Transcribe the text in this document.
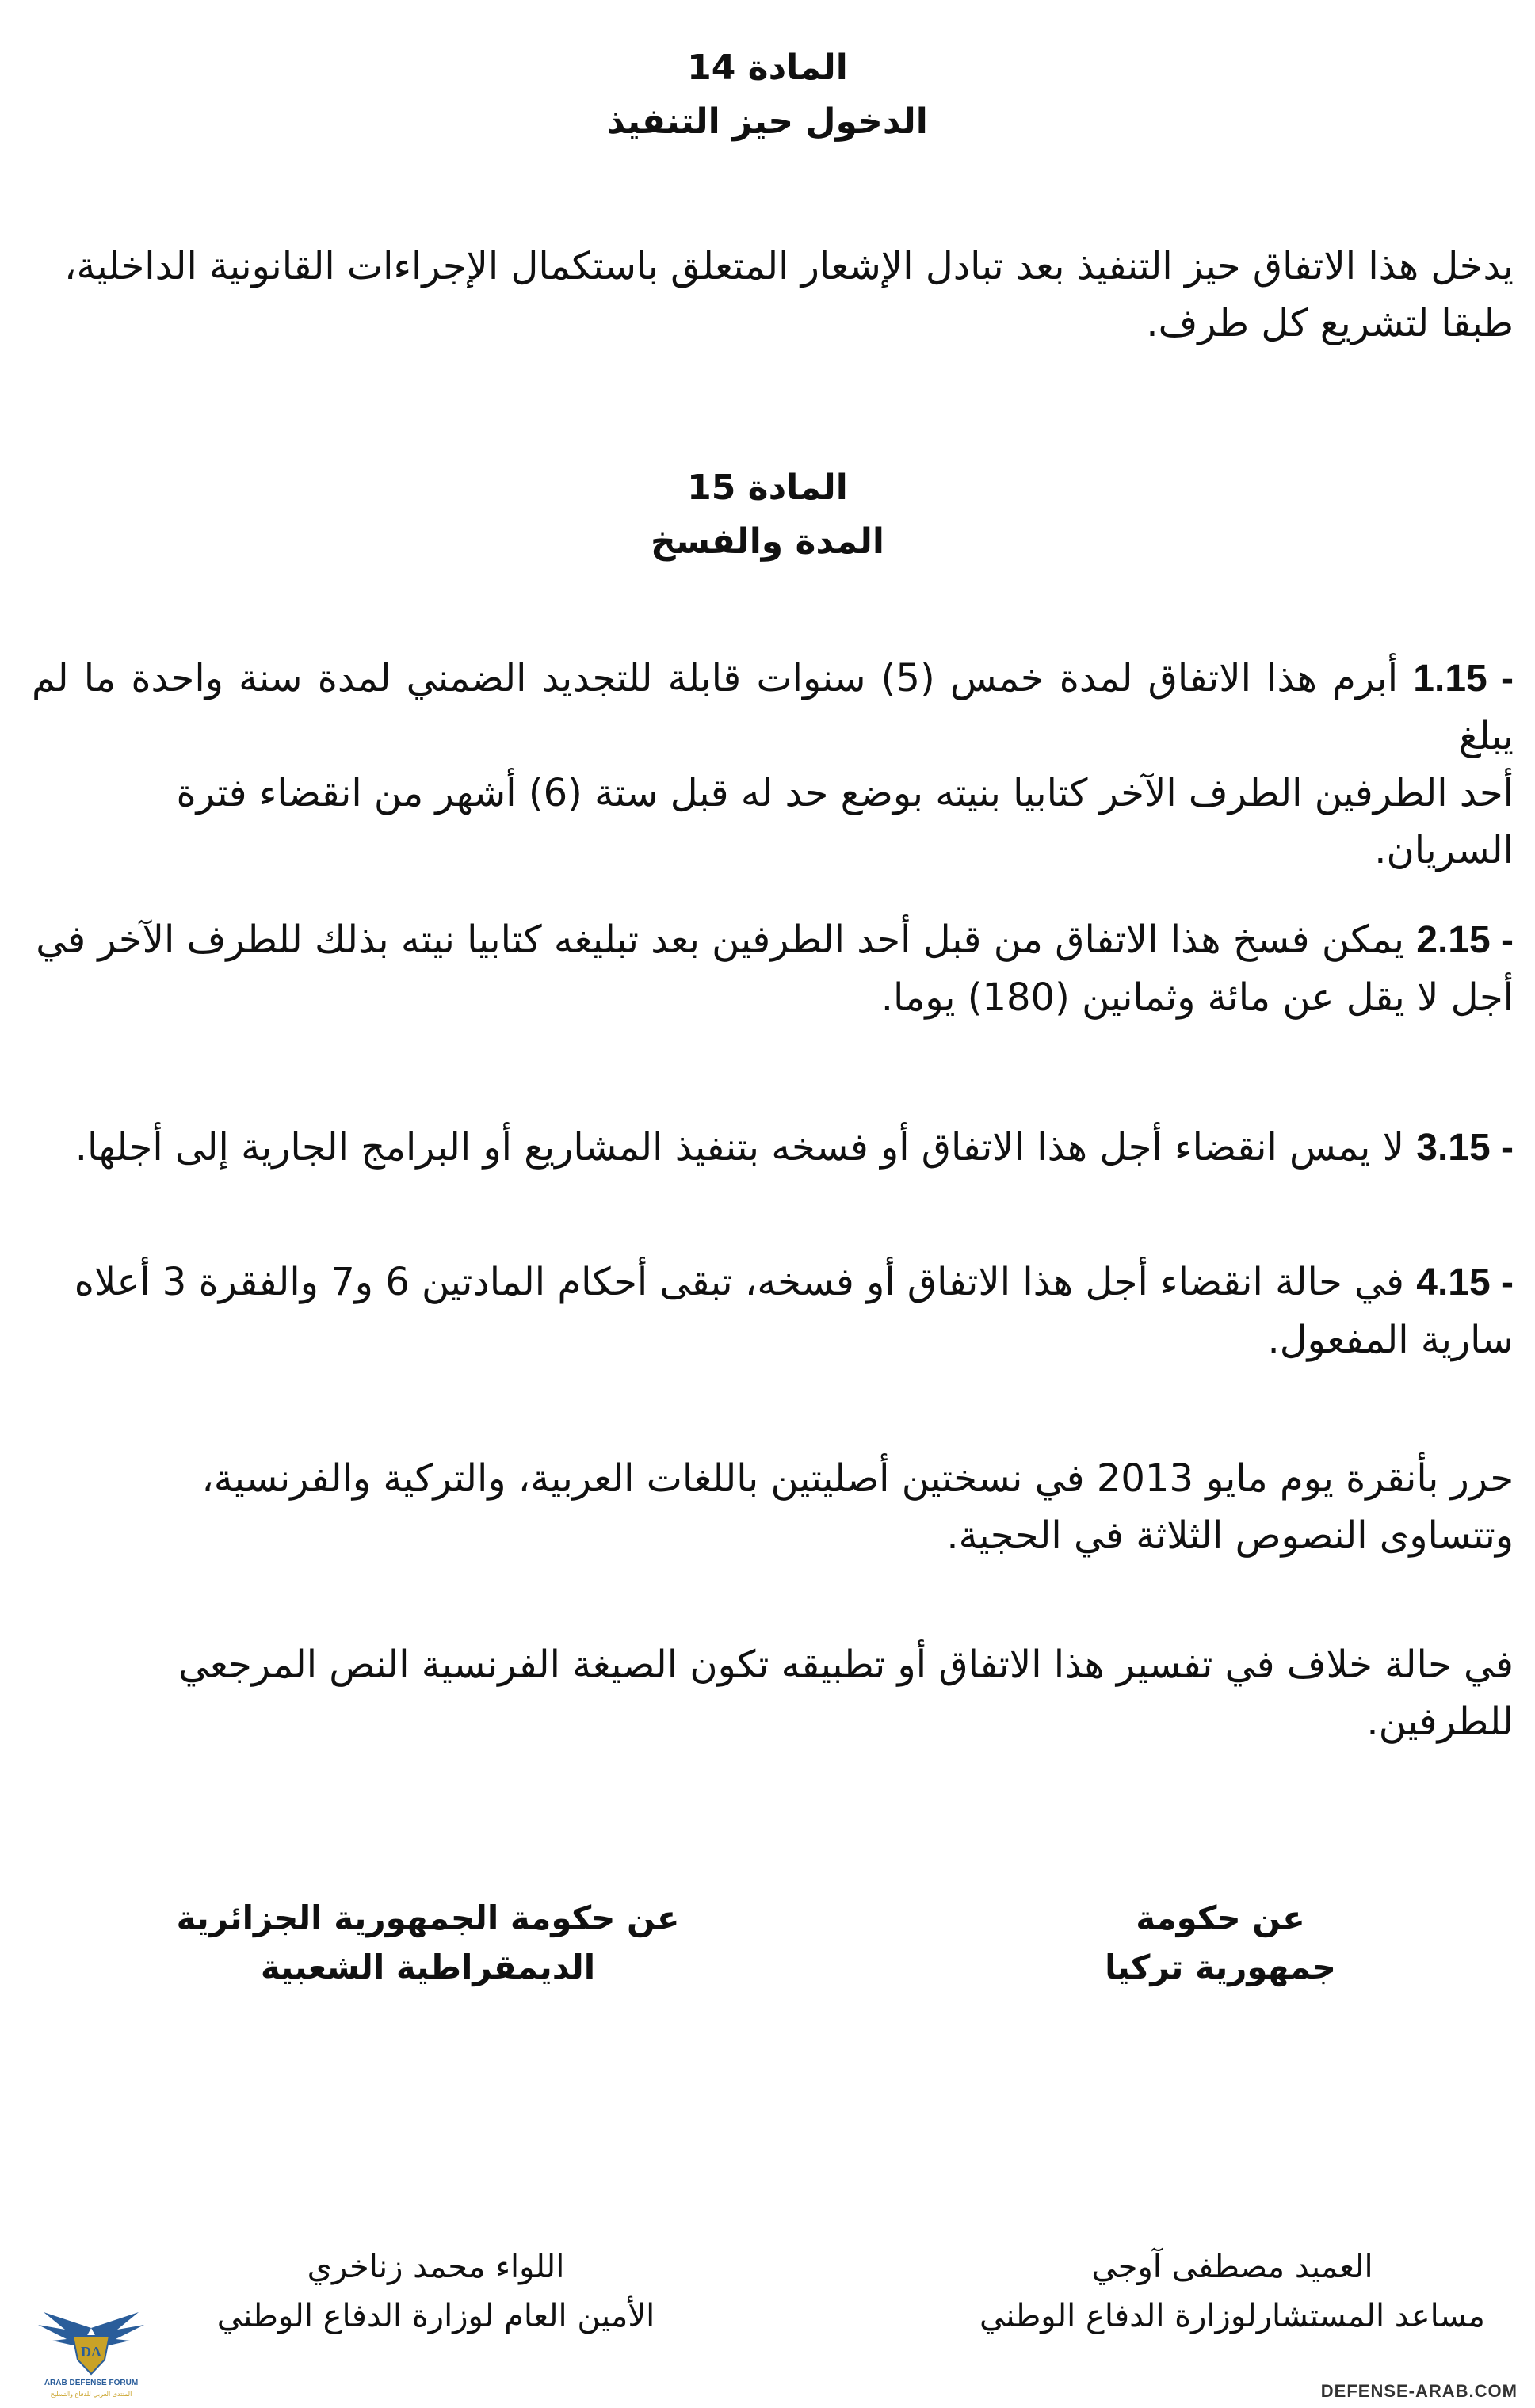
المادة 14
الدخول حيز التنفيذ
يدخل هذا الاتفاق حيز التنفيذ بعد تبادل الإشعار المتعلق باستكمال الإجراءات القانونية الداخلية،
طبقا لتشريع كل طرف.
المادة 15
المدة والفسخ
1.15 - أبرم هذا الاتفاق لمدة خمس (5) سنوات قابلة للتجديد الضمني لمدة سنة واحدة ما لم يبلغ
أحد الطرفين الطرف الآخر كتابيا بنيته بوضع حد له قبل ستة (6) أشهر من انقضاء فترة
السريان.
2.15 - يمكن فسخ هذا الاتفاق من قبل أحد الطرفين بعد تبليغه كتابيا نيته بذلك للطرف الآخر في
أجل لا يقل عن مائة وثمانين (180) يوما.
3.15 - لا يمس انقضاء أجل هذا الاتفاق أو فسخه بتنفيذ المشاريع أو البرامج الجارية إلى أجلها.
4.15 - في حالة انقضاء أجل هذا الاتفاق أو فسخه، تبقى أحكام المادتين 6 و7 والفقرة 3 أعلاه
سارية المفعول.
حرر بأنقرة يوم مايو 2013 في نسختين أصليتين باللغات العربية، والتركية والفرنسية،
وتتساوى النصوص الثلاثة في الحجية.
في حالة خلاف في تفسير هذا الاتفاق أو تطبيقه تكون الصيغة الفرنسية النص المرجعي
للطرفين.
عن حكومة
جمهورية تركيا
عن حكومة الجمهورية الجزائرية
الديمقراطية الشعبية
العميد مصطفى آوجي
مساعد المستشارلوزارة الدفاع الوطني
اللواء محمد زناخري
الأمين العام لوزارة الدفاع الوطني
DA
ARAB DEFENSE FORUM
المنتدى العربي للدفاع والتسليح	DEFENSE-ARAB.COM
